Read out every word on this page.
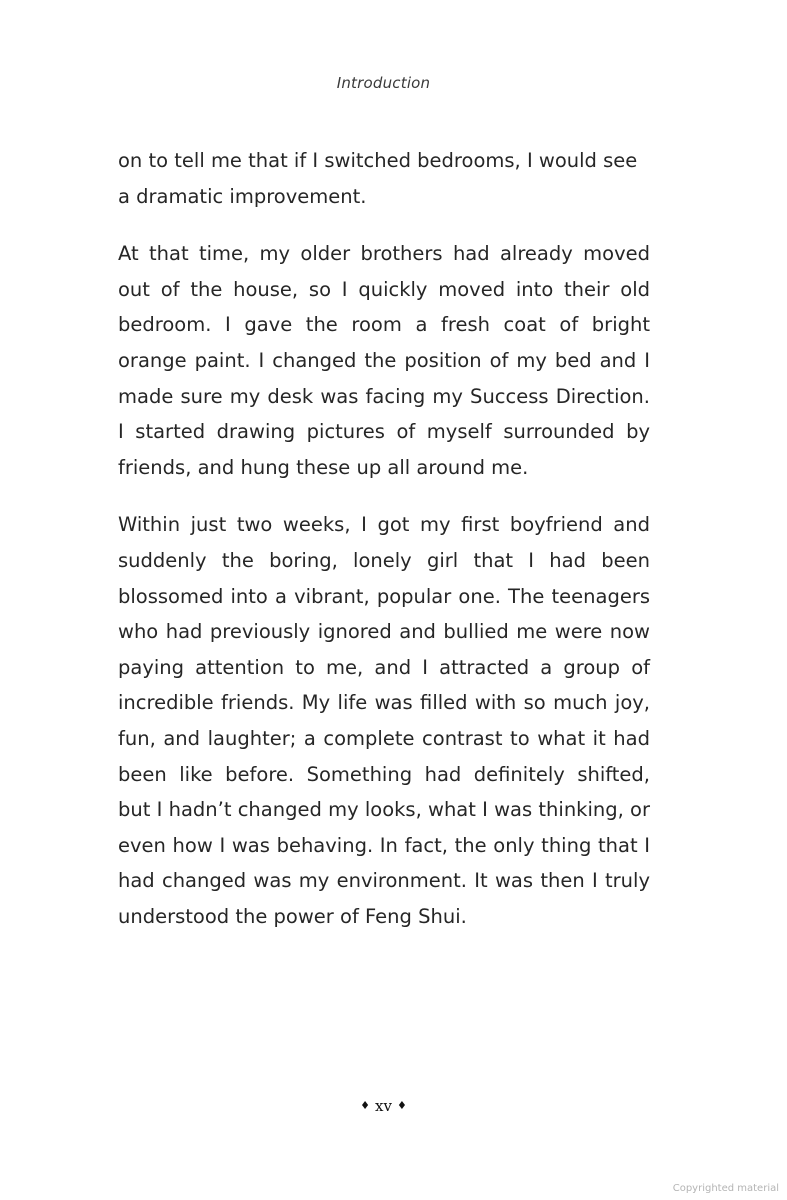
Introduction

on to tell me that if I switched bedrooms, I would see a dramatic improvement.

At that time, my older brothers had already moved out of the house, so I quickly moved into their old bedroom. I gave the room a fresh coat of bright orange paint. I changed the position of my bed and I made sure my desk was facing my Success Direction. I started drawing pictures of myself surrounded by friends, and hung these up all around me.

Within just two weeks, I got my first boyfriend and suddenly the boring, lonely girl that I had been blossomed into a vibrant, popular one. The teenagers who had previously ignored and bullied me were now paying attention to me, and I attracted a group of incredible friends. My life was filled with so much joy, fun, and laughter; a complete contrast to what it had been like before. Something had definitely shifted, but I hadn’t changed my looks, what I was thinking, or even how I was behaving. In fact, the only thing that I had changed was my environment. It was then I truly understood the power of Feng Shui.

♦ xv ♦
Copyrighted material
